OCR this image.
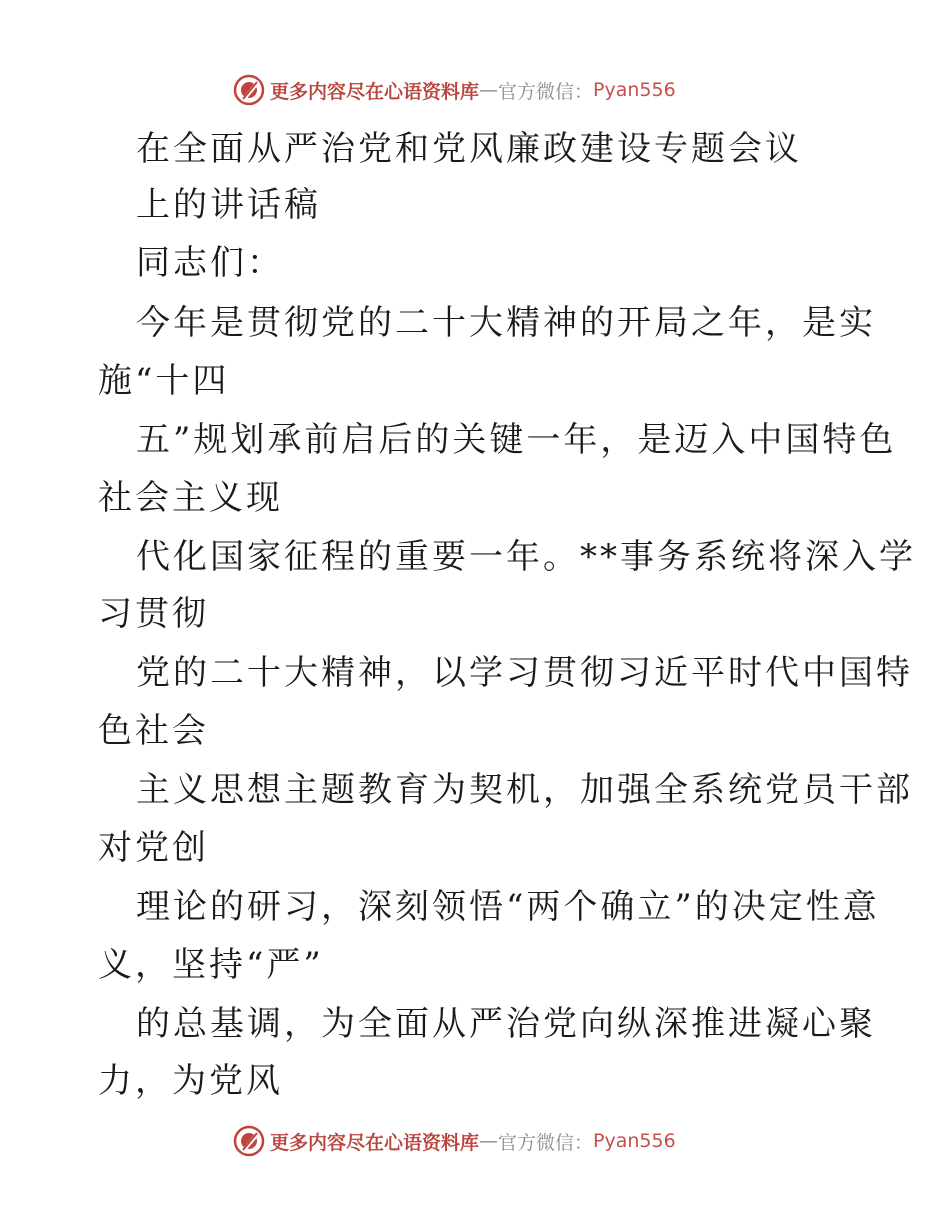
更多内容尽在心语资料库 — 官方微信： Pyan556
在全面从严治党和党风廉政建设专题会议
上的讲话稿
同志们：
今年是贯彻党的二十大精神的开局之年，是实
施“十四
五”规划承前启后的关键一年，是迈入中国特色
社会主义现
代化国家征程的重要一年。**事务系统将深入学
习贯彻
党的二十大精神，以学习贯彻习近平时代中国特
色社会
主义思想主题教育为契机，加强全系统党员干部
对党创
理论的研习，深刻领悟“两个确立”的决定性意
义，坚持“严”
的总基调，为全面从严治党向纵深推进凝心聚
力，为党风
更多内容尽在心语资料库 — 官方微信： Pyan556
